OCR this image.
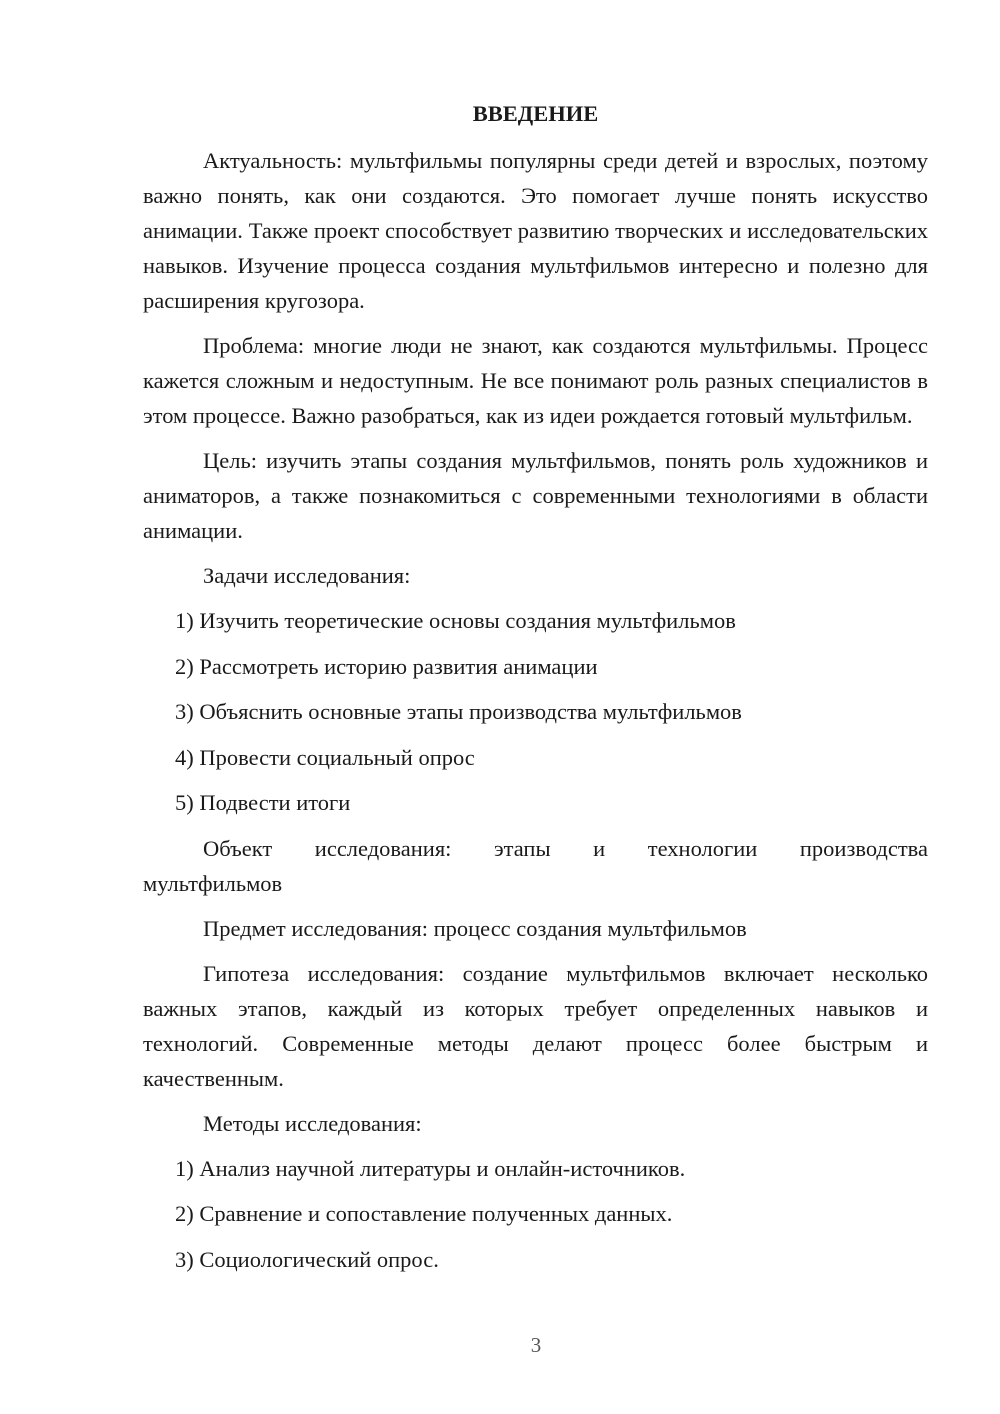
ВВЕДЕНИЕ

Актуальность: мультфильмы популярны среди детей и взрослых, поэтому важно понять, как они создаются. Это помогает лучше понять искусство анимации. Также проект способствует развитию творческих и исследовательских навыков. Изучение процесса создания мультфильмов интересно и полезно для расширения кругозора.

Проблема: многие люди не знают, как создаются мультфильмы. Процесс кажется сложным и недоступным. Не все понимают роль разных специалистов в этом процессе. Важно разобраться, как из идеи рождается готовый мультфильм.

Цель: изучить этапы создания мультфильмов, понять роль художников и аниматоров, а также познакомиться с современными технологиями в области анимации.

Задачи исследования:

1) Изучить теоретические основы создания мультфильмов
2) Рассмотреть историю развития анимации
3) Объяснить основные этапы производства мультфильмов
4) Провести социальный опрос
5) Подвести итоги
Объект исследования: этапы и технологии производства
мультфильмов

Предмет исследования: процесс создания мультфильмов

Гипотеза исследования: создание мультфильмов включает несколько важных этапов, каждый из которых требует определенных навыков и технологий. Современные методы делают процесс более быстрым и качественным.

Методы исследования:

1) Анализ научной литературы и онлайн-источников.
2) Сравнение и сопоставление полученных данных.
3) Социологический опрос.
3
